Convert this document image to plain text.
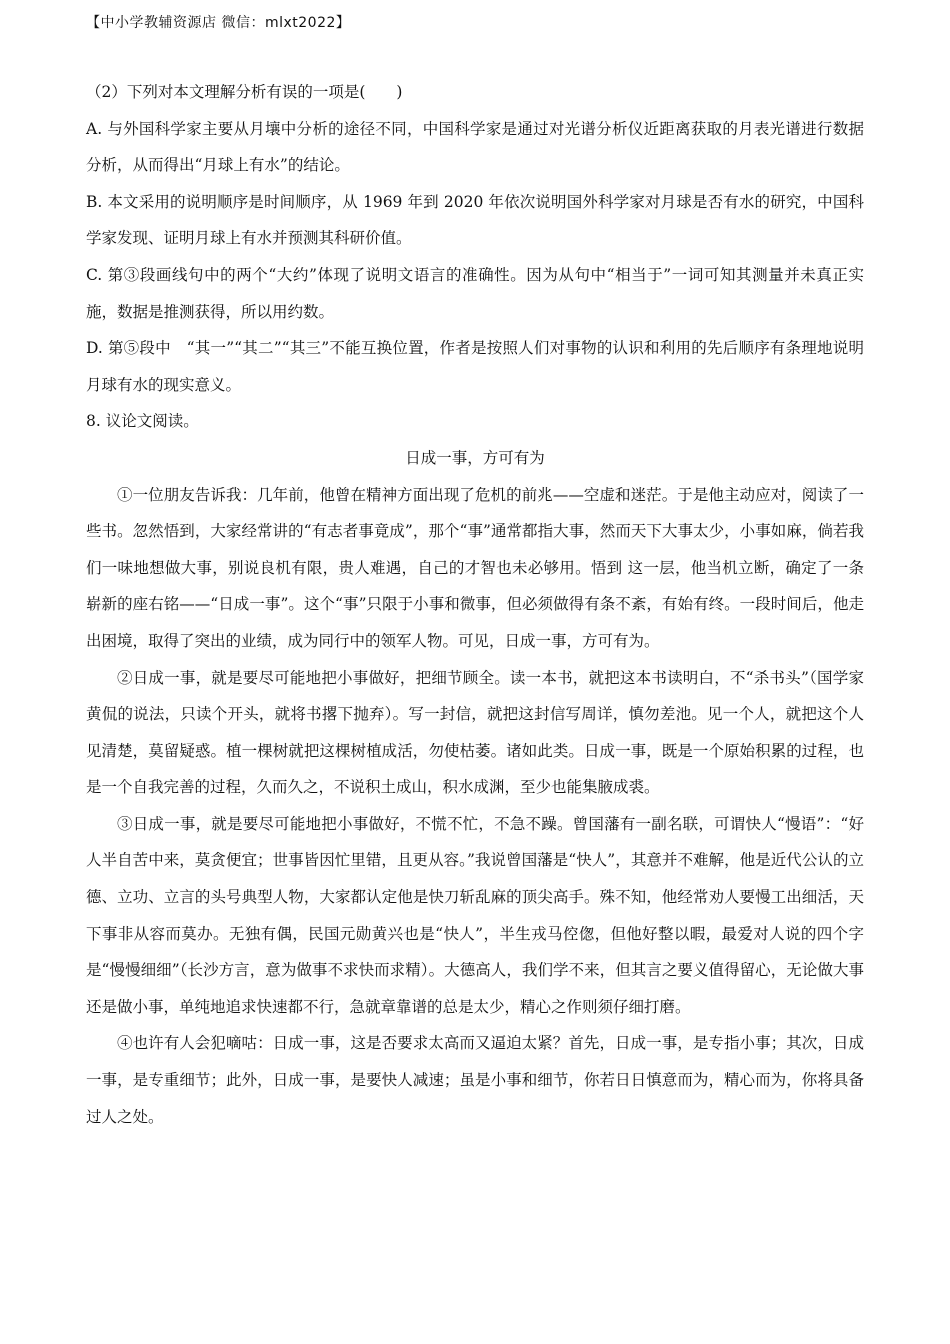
【中小学教辅资源店 微信：mlxt2022】

（2）下列对本文理解分析有误的一项是(　　)

A. 与外国科学家主要从月壤中分析的途径不同，中国科学家是通过对光谱分析仪近距离获取的月表光谱进行数据分析，从而得出“月球上有水”的结论。

B. 本文采用的说明顺序是时间顺序，从 1969 年到 2020 年依次说明国外科学家对月球是否有水的研究，中国科学家发现、证明月球上有水并预测其科研价值。

C. 第③段画线句中的两个“大约”体现了说明文语言的准确性。因为从句中“相当于”一词可知其测量并未真正实施，数据是推测获得，所以用约数。

D. 第⑤段中　“其一”“其二”“其三”不能互换位置，作者是按照人们对事物的认识和利用的先后顺序有条理地说明月球有水的现实意义。

8. 议论文阅读。

日成一事，方可有为

①一位朋友告诉我：几年前，他曾在精神方面出现了危机的前兆——空虚和迷茫。于是他主动应对，阅读了一些书。忽然悟到，大家经常讲的“有志者事竟成”，那个“事”通常都指大事，然而天下大事太少，小事如麻，倘若我们一味地想做大事，别说良机有限，贵人难遇，自己的才智也未必够用。悟到 这一层，他当机立断，确定了一条崭新的座右铭——“日成一事”。这个“事”只限于小事和微事，但必须做得有条不紊，有始有终。一段时间后，他走出困境，取得了突出的业绩，成为同行中的领军人物。可见，日成一事，方可有为。

②日成一事，就是要尽可能地把小事做好，把细节顾全。读一本书，就把这本书读明白，不“杀书头”（国学家黄侃的说法，只读个开头，就将书撂下抛弃）。写一封信，就把这封信写周详，慎勿差池。见一个人，就把这个人见清楚，莫留疑惑。植一棵树就把这棵树植成活，勿使枯萎。诸如此类。日成一事，既是一个原始积累的过程，也是一个自我完善的过程，久而久之，不说积土成山，积水成渊，至少也能集腋成裘。

③日成一事，就是要尽可能地把小事做好，不慌不忙，不急不躁。曾国藩有一副名联，可谓快人“慢语”：“好人半自苦中来，莫贪便宜；世事皆因忙里错，且更从容。”我说曾国藩是“快人”，其意并不难解，他是近代公认的立德、立功、立言的头号典型人物，大家都认定他是快刀斩乱麻的顶尖高手。殊不知，他经常劝人要慢工出细活，天下事非从容而莫办。无独有偶，民国元勋黄兴也是“快人”，半生戎马倥偬，但他好整以暇，最爱对人说的四个字是“慢慢细细”（长沙方言，意为做事不求快而求精）。大德高人，我们学不来，但其言之要义值得留心，无论做大事还是做小事，单纯地追求快速都不行，急就章靠谱的总是太少，精心之作则须仔细打磨。

④也许有人会犯嘀咕：日成一事，这是否要求太高而又逼迫太紧？首先，日成一事，是专指小事；其次，日成一事，是专重细节；此外，日成一事，是要快人减速；虽是小事和细节，你若日日慎意而为，精心而为，你将具备过人之处。
